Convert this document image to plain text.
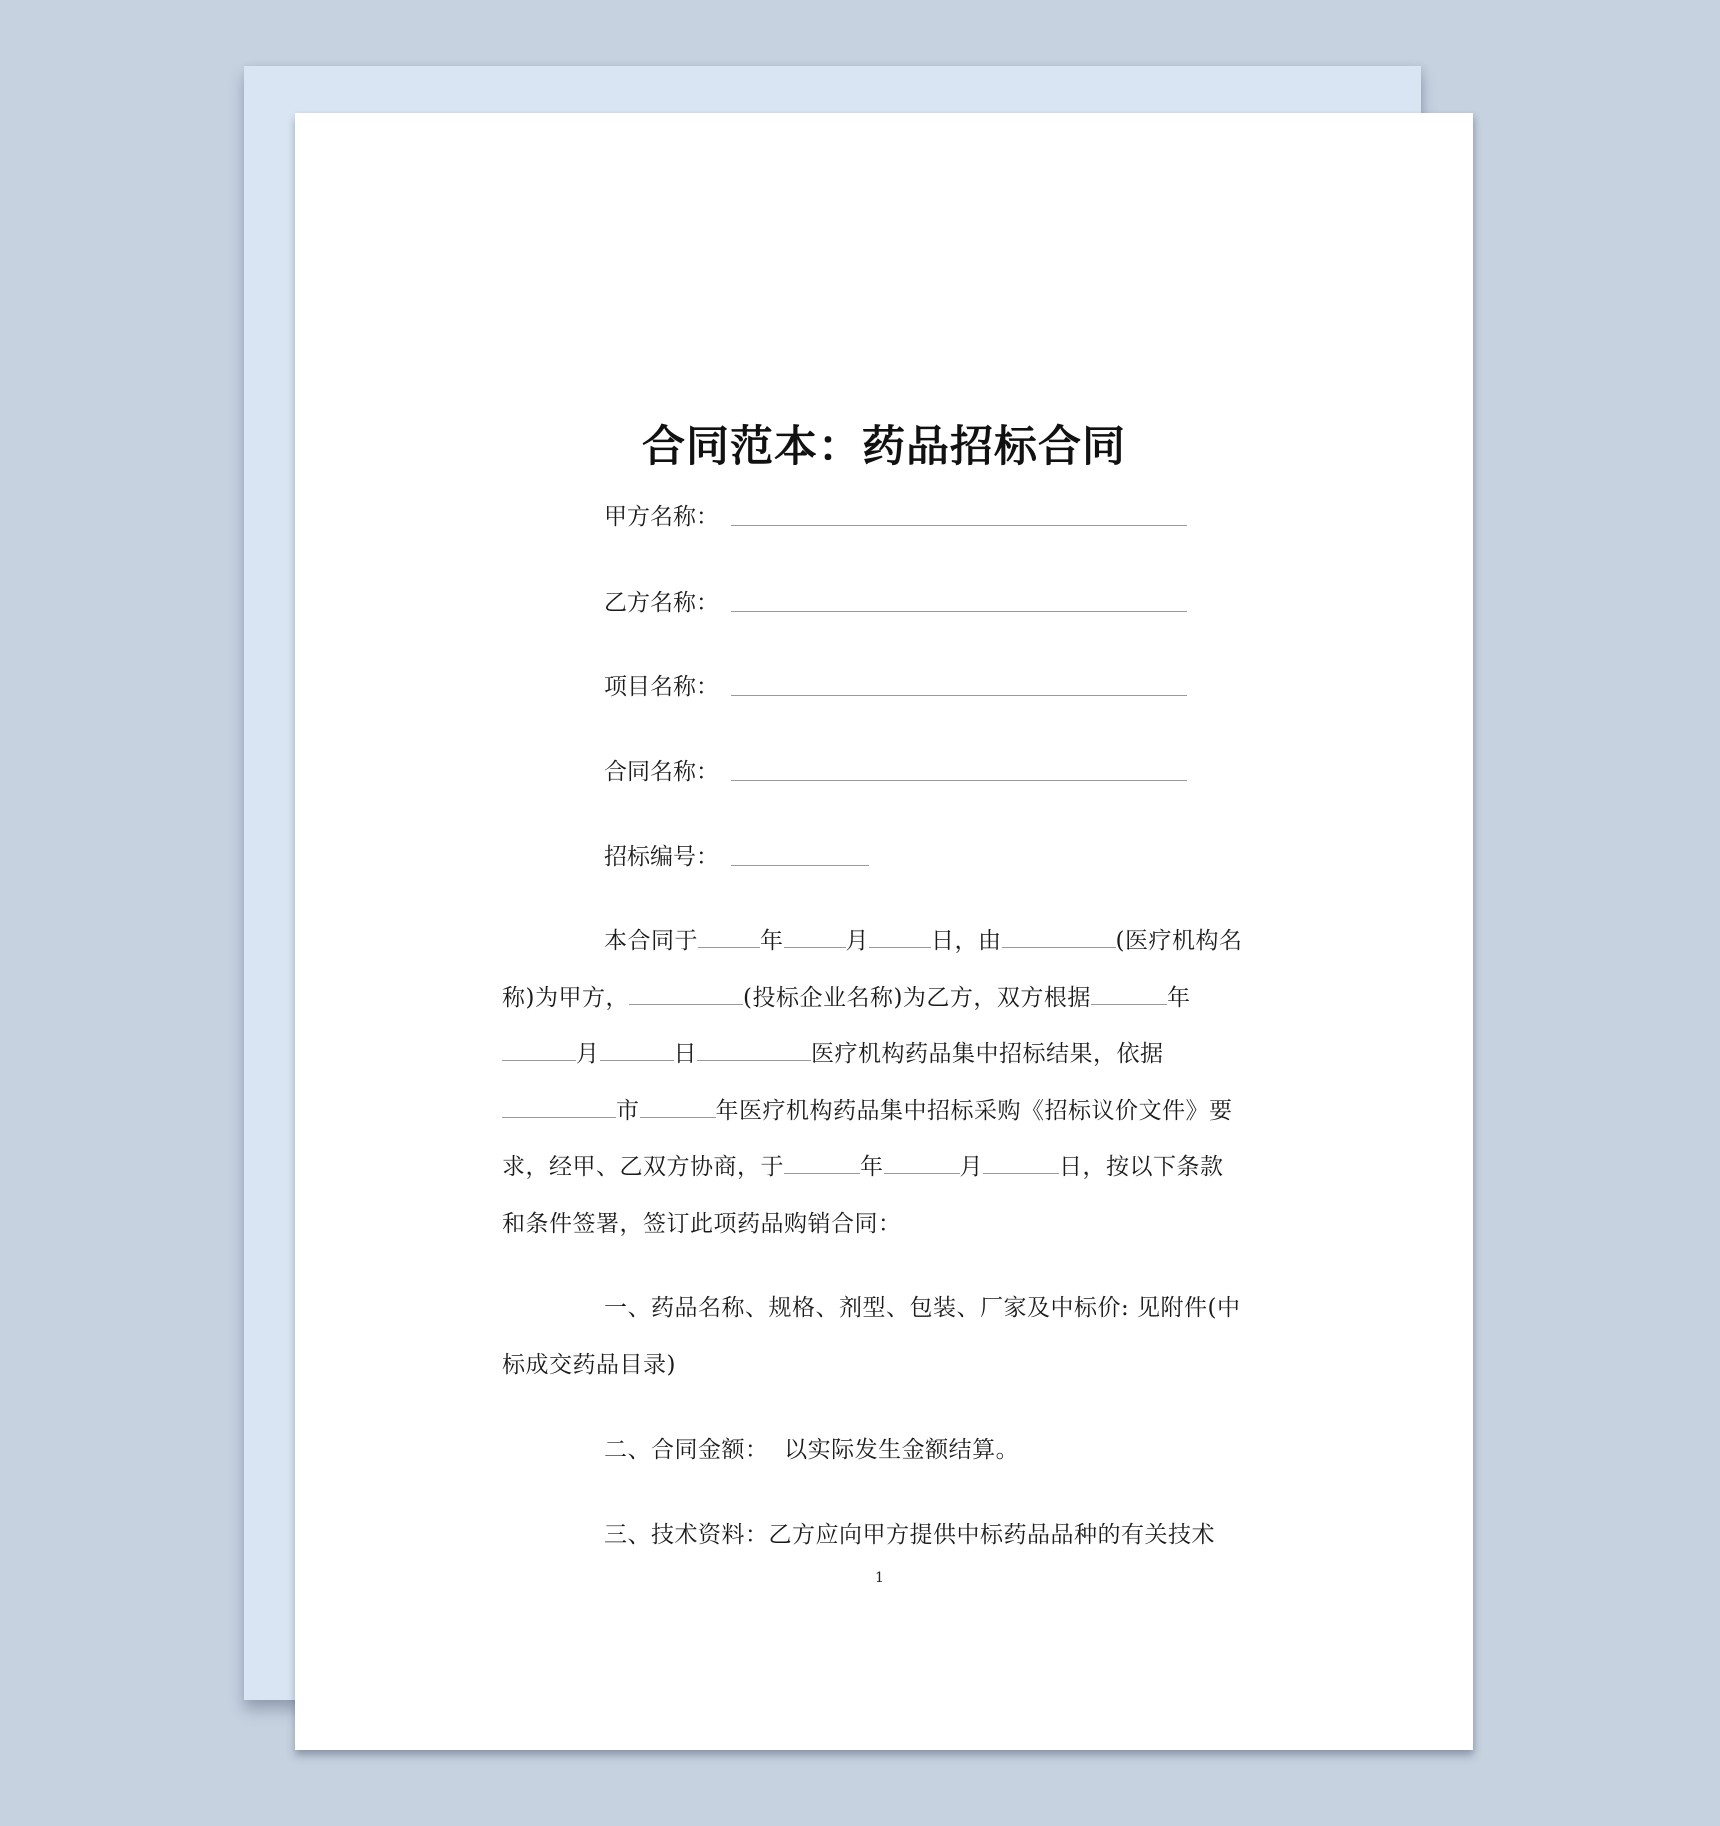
合同范本：药品招标合同
甲方名称：
乙方名称：
项目名称：
合同名称：
招标编号：
本合同于	年	月	日，由	(医疗机构名
称)为甲方，	(投标企业名称)为乙方，双方根据	年
月	日	医疗机构药品集中招标结果，依据
市	年医疗机构药品集中招标采购《招标议价文件》要
求，经甲、乙双方协商，于	年	月	日，按以下条款
和条件签署，签订此项药品购销合同：
一、药品名称、规格、剂型、包装、厂家及中标价: 见附件(中
标成交药品目录)
二、合同金额：  以实际发生金额结算。
三、技术资料：乙方应向甲方提供中标药品品种的有关技术
1
